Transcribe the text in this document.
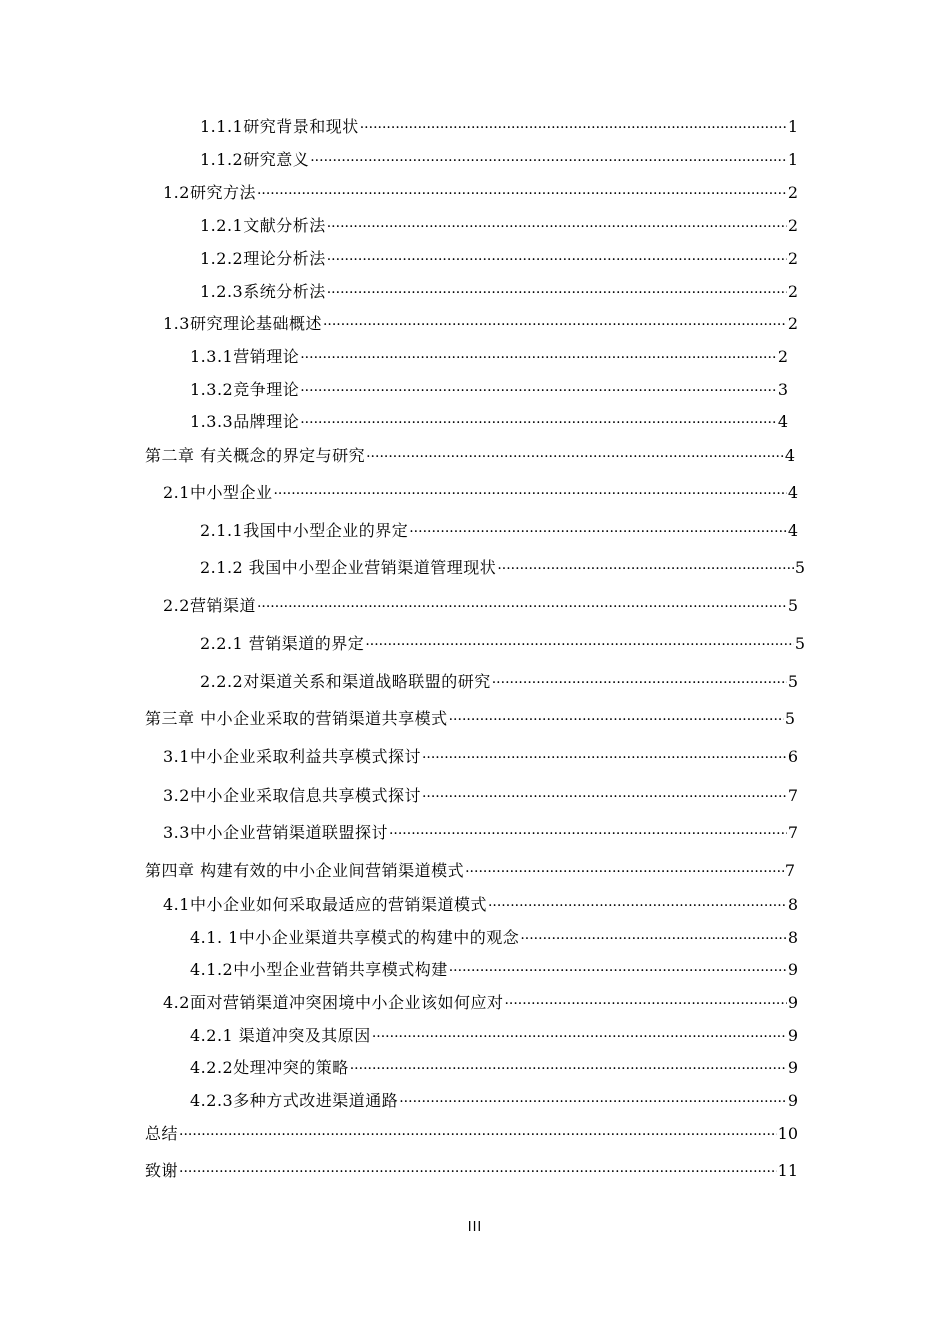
1.1.1研究背景和现状 ·····	1
1.1.2研究意义 ·····	1
1.2研究方法 ·····	2
1.2.1文献分析法 ·····	2
1.2.2理论分析法 ·····	2
1.2.3系统分析法 ·····	2
1.3研究理论基础概述 ·····	2
1.3.1营销理论 ·····	2
1.3.2竞争理论 ·····	3
1.3.3品牌理论 ·····	4
第二章 有关概念的界定与研究 ·····	4
2.1中小型企业 ·····	4
2.1.1我国中小型企业的界定 ·····	4
2.1.2 我国中小型企业营销渠道管理现状 ·····	5
2.2营销渠道 ·····	5
2.2.1 营销渠道的界定 ·····	5
2.2.2对渠道关系和渠道战略联盟的研究 ·····	5
第三章 中小企业采取的营销渠道共享模式 ·····	5
3.1中小企业采取利益共享模式探讨 ·····	6
3.2中小企业采取信息共享模式探讨 ·····	7
3.3中小企业营销渠道联盟探讨 ·····	7
第四章 构建有效的中小企业间营销渠道模式 ·····	7
4.1中小企业如何采取最适应的营销渠道模式 ·····	8
4.1. 1中小企业渠道共享模式的构建中的观念 ·····	8
4.1.2中小型企业营销共享模式构建 ·····	9
4.2面对营销渠道冲突困境中小企业该如何应对 ·····	9
4.2.1 渠道冲突及其原因 ·····	9
4.2.2处理冲突的策略 ·····	9
4.2.3多种方式改进渠道通路 ·····	9
总结 ·····	10
致谢 ·····	11
III
